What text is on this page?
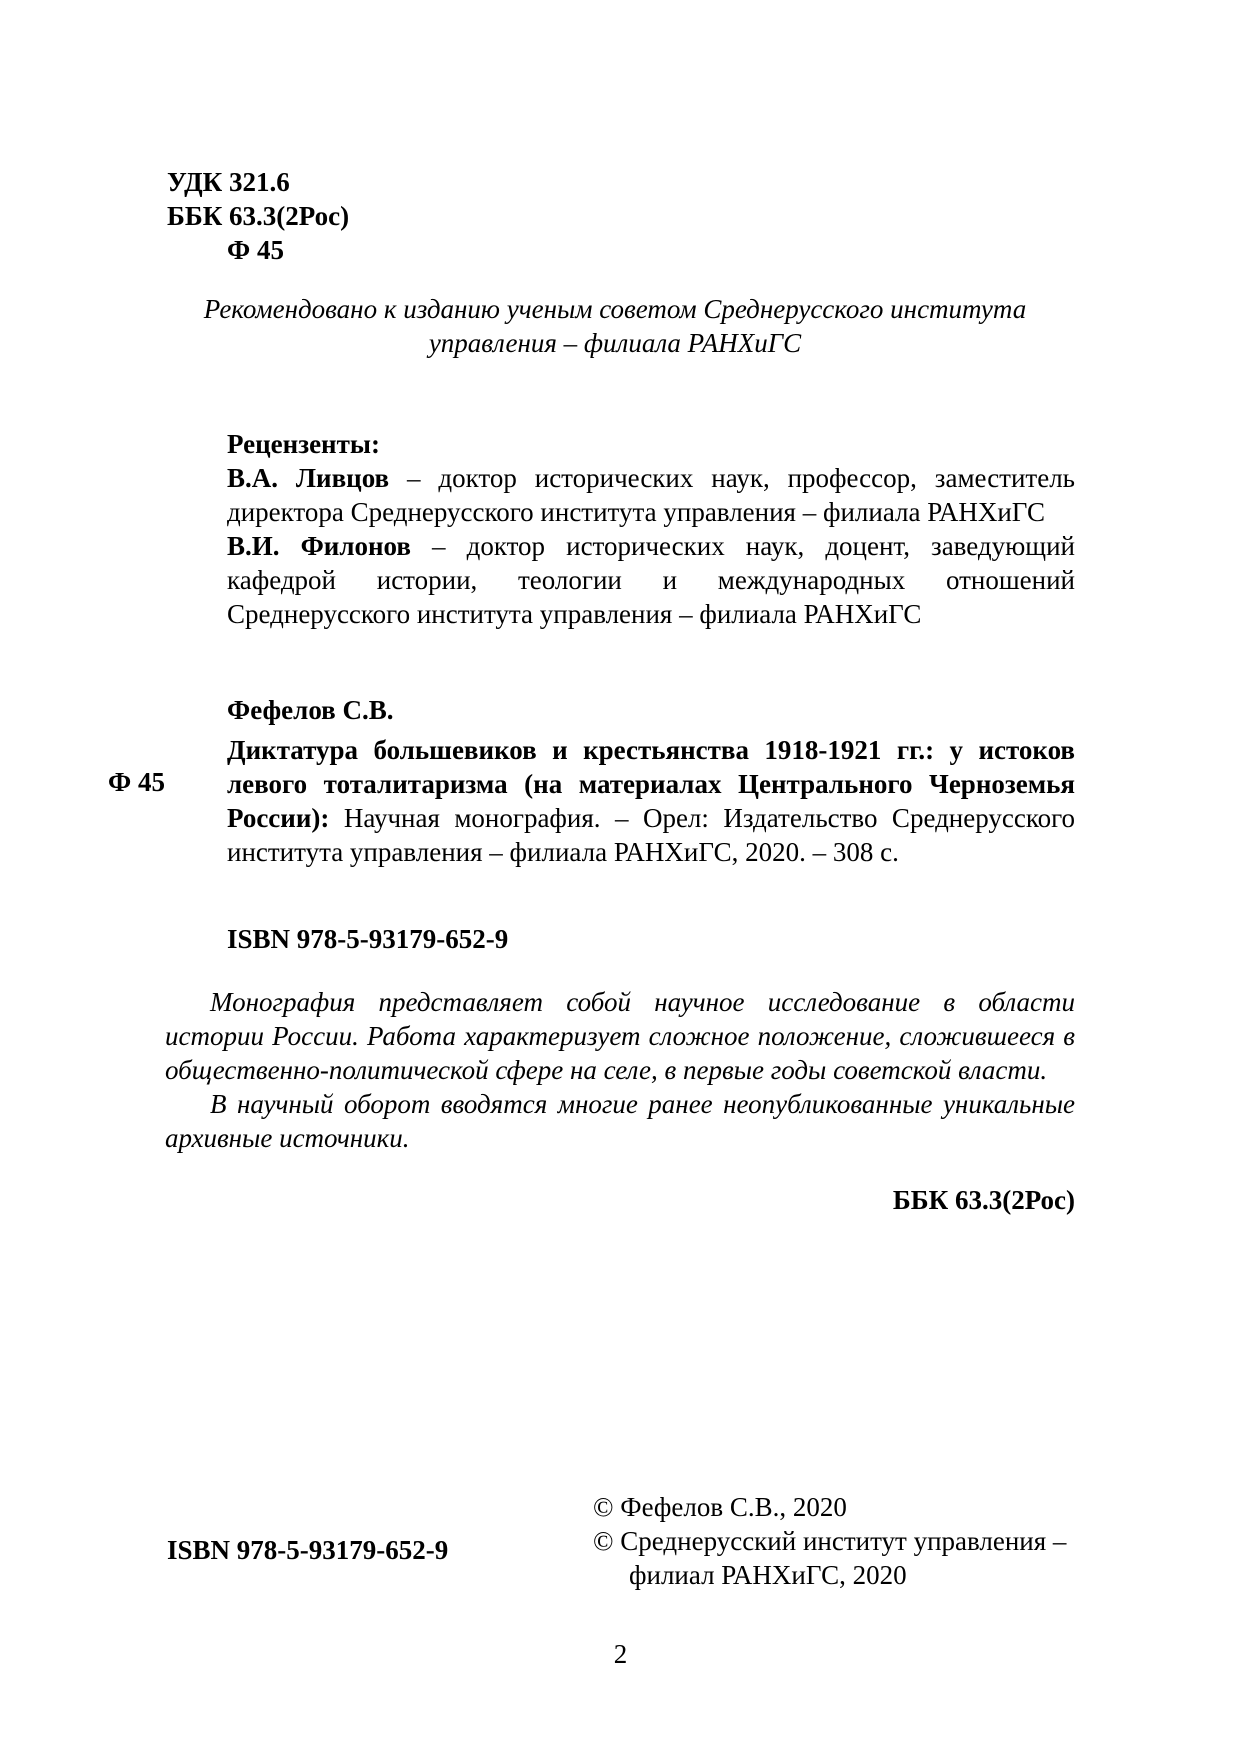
УДК 321.6
ББК 63.3(2Рос)
Ф 45
Рекомендовано к изданию ученым советом Среднерусского института
управления – филиала РАНХиГС
Рецензенты:
В.А. Ливцов – доктор исторических наук, профессор, заместитель директора Среднерусского института управления – филиала РАНХиГС
В.И. Филонов – доктор исторических наук, доцент, заведующий кафедрой истории, теологии и международных отношений Среднерусского института управления – филиала РАНХиГС
Фефелов С.В.
Ф 45
Диктатура большевиков и крестьянства 1918-1921 гг.: у истоков левого тоталитаризма (на материалах Центрального Черноземья России): Научная монография. – Орел: Издательство Среднерусского института управления – филиала РАНХиГС, 2020. – 308 с.
ISBN 978-5-93179-652-9

Монография представляет собой научное исследование в области истории России. Работа характеризует сложное положение, сложившееся в общественно-политической сфере на селе, в первые годы советской власти.

В научный оборот вводятся многие ранее неопубликованные уникальные архивные источники.

ББК 63.3(2Рос)
© Фефелов С.В., 2020
© Среднерусский институт управления –
филиал РАНХиГС, 2020
ISBN 978-5-93179-652-9
2
